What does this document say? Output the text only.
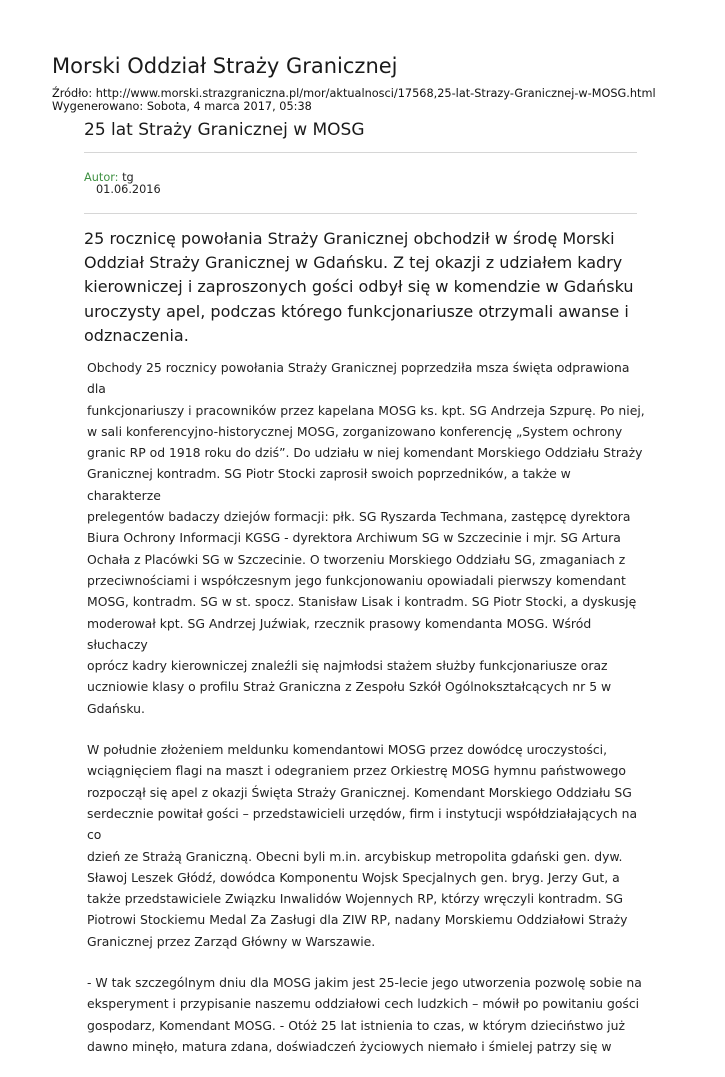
Morski Oddział Straży Granicznej
Źródło: http://www.morski.strazgraniczna.pl/mor/aktualnosci/17568,25-lat-Strazy-Granicznej-w-MOSG.html
Wygenerowano: Sobota, 4 marca 2017, 05:38
25 lat Straży Granicznej w MOSG
Autor: tg
01.06.2016
25 rocznicę powołania Straży Granicznej obchodził w środę Morski
Oddział Straży Granicznej w Gdańsku. Z tej okazji z udziałem kadry
kierowniczej i zaproszonych gości odbył się w komendzie w Gdańsku
uroczysty apel, podczas którego funkcjonariusze otrzymali awanse i
odznaczenia.

Obchody 25 rocznicy powołania Straży Granicznej poprzedziła msza święta odprawiona dla
funkcjonariuszy i pracowników przez kapelana MOSG ks. kpt. SG Andrzeja Szpurę. Po niej,
w sali konferencyjno-historycznej MOSG, zorganizowano konferencję „System ochrony
granic RP od 1918 roku do dziś”. Do udziału w niej komendant Morskiego Oddziału Straży
Granicznej kontradm. SG Piotr Stocki zaprosił swoich poprzedników, a także w charakterze
prelegentów badaczy dziejów formacji: płk. SG Ryszarda Techmana, zastępcę dyrektora
Biura Ochrony Informacji KGSG - dyrektora Archiwum SG w Szczecinie i mjr. SG Artura
Ochała z Placówki SG w Szczecinie. O tworzeniu Morskiego Oddziału SG, zmaganiach z
przeciwnościami i współczesnym jego funkcjonowaniu opowiadali pierwszy komendant
MOSG, kontradm. SG w st. spocz. Stanisław Lisak i kontradm. SG Piotr Stocki, a dyskusję
moderował kpt. SG Andrzej Juźwiak, rzecznik prasowy komendanta MOSG. Wśród słuchaczy
oprócz kadry kierowniczej znaleźli się najmłodsi stażem służby funkcjonariusze oraz
uczniowie klasy o profilu Straż Graniczna z Zespołu Szkół Ogólnokształcących nr 5 w
Gdańsku.

W południe złożeniem meldunku komendantowi MOSG przez dowódcę uroczystości,
wciągnięciem flagi na maszt i odegraniem przez Orkiestrę MOSG hymnu państwowego
rozpoczął się apel z okazji Święta Straży Granicznej. Komendant Morskiego Oddziału SG
serdecznie powitał gości – przedstawicieli urzędów, firm i instytucji współdziałających na co
dzień ze Strażą Graniczną. Obecni byli m.in. arcybiskup metropolita gdański gen. dyw.
Sławoj Leszek Głódź, dowódca Komponentu Wojsk Specjalnych gen. bryg. Jerzy Gut, a
także przedstawiciele Związku Inwalidów Wojennych RP, którzy wręczyli kontradm. SG
Piotrowi Stockiemu Medal Za Zasługi dla ZIW RP, nadany Morskiemu Oddziałowi Straży
Granicznej przez Zarząd Główny w Warszawie.

- W tak szczególnym dniu dla MOSG jakim jest 25-lecie jego utworzenia pozwolę sobie na
eksperyment i przypisanie naszemu oddziałowi cech ludzkich – mówił po powitaniu gości
gospodarz, Komendant MOSG. - Otóż 25 lat istnienia to czas, w którym dzieciństwo już
dawno minęło, matura zdana, doświadczeń życiowych niemało i śmielej patrzy się w
